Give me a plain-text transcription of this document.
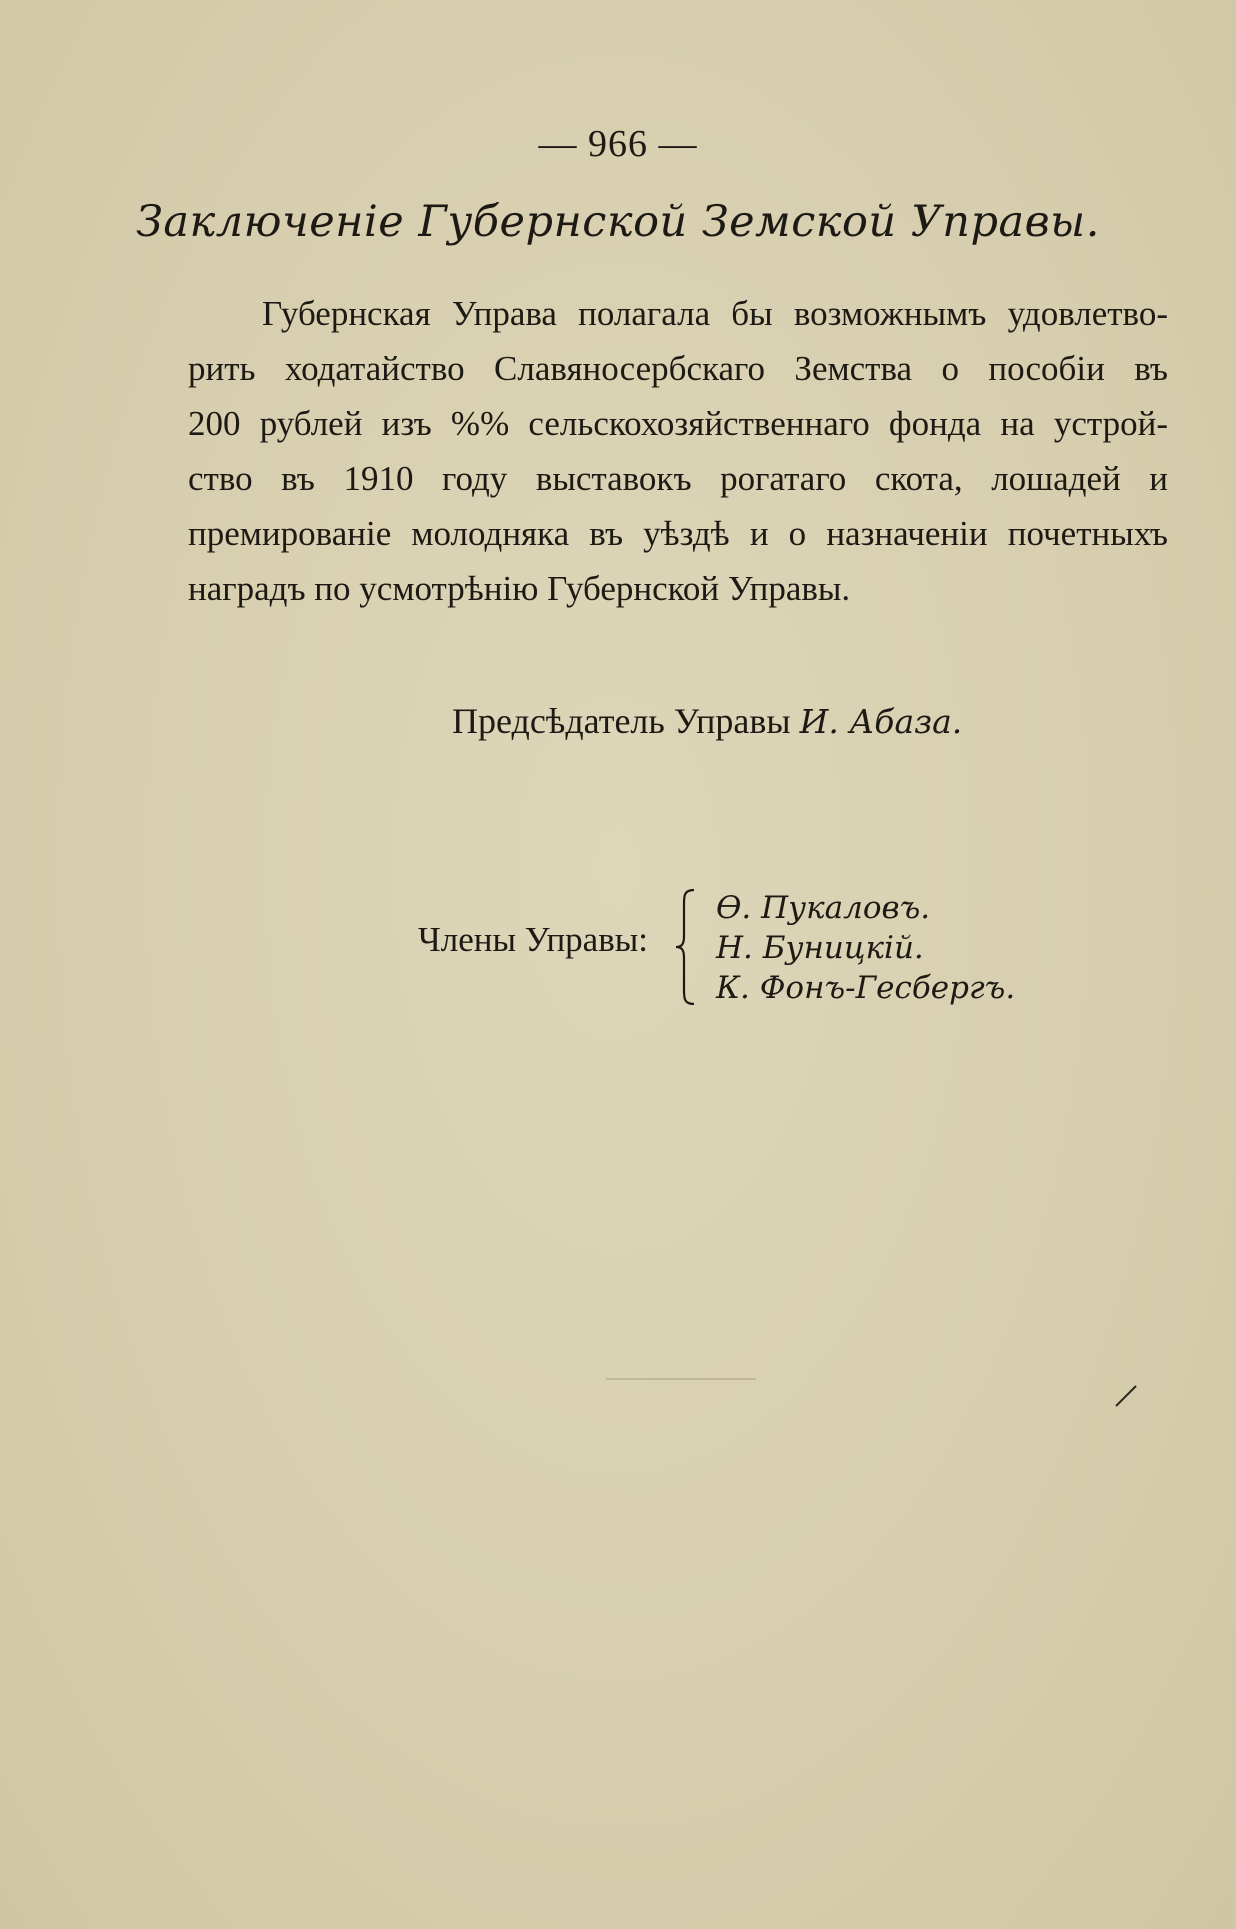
— 966 —
Заключеніе Губернской Земской Управы.
Губернская Управа полагала бы возможнымъ удовлетво-
рить ходатайство Славяносербскаго Земства о пособіи въ
200 рублей изъ %% сельскохозяйственнаго фонда на устрой-
ство въ 1910 году выставокъ рогатаго скота, лошадей и
премированіе молодняка въ уѣздѣ и о назначеніи почетныхъ
наградъ по усмотрѣнію Губернской Управы.
Предсѣдатель Управы И. Абаза.
Члены Управы:
Ѳ. Пукаловъ.
Н. Буницкій.
К. Фонъ-Гесбергъ.
